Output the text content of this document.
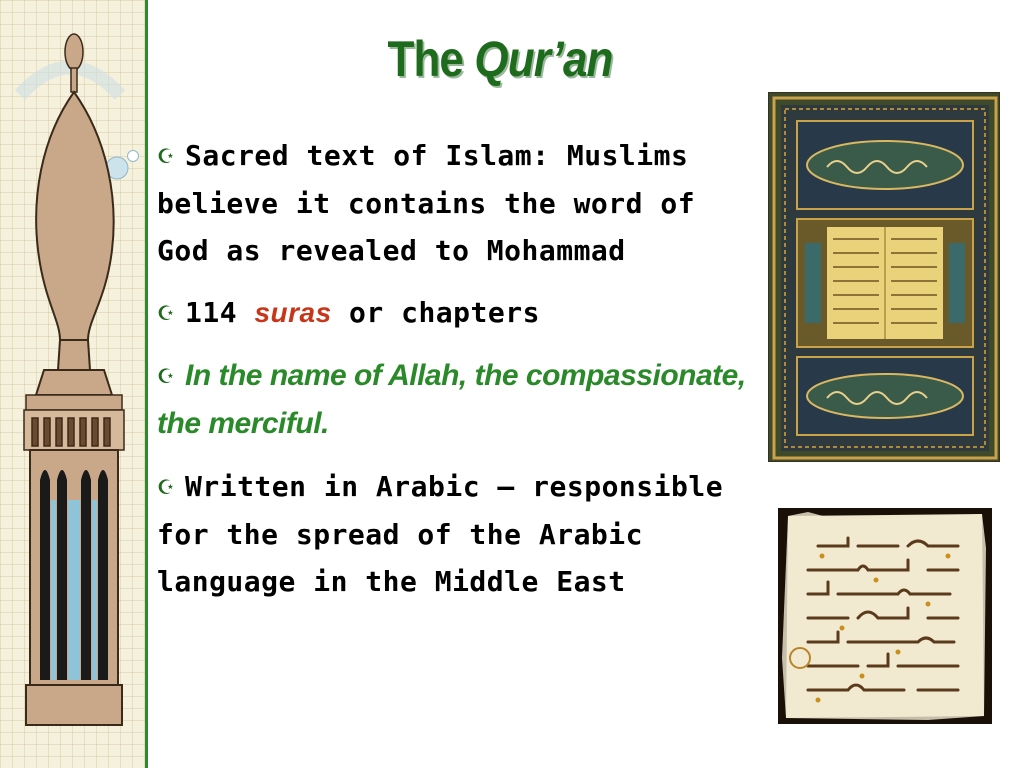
The Qur’an
☪ Sacred text of Islam: Muslims believe it contains the word of God as revealed to Mohammad
☪ 114 suras or chapters
☪ In the name of Allah, the compassionate, the merciful.
☪ Written in Arabic – responsible for the spread of the Arabic language in the Middle East
